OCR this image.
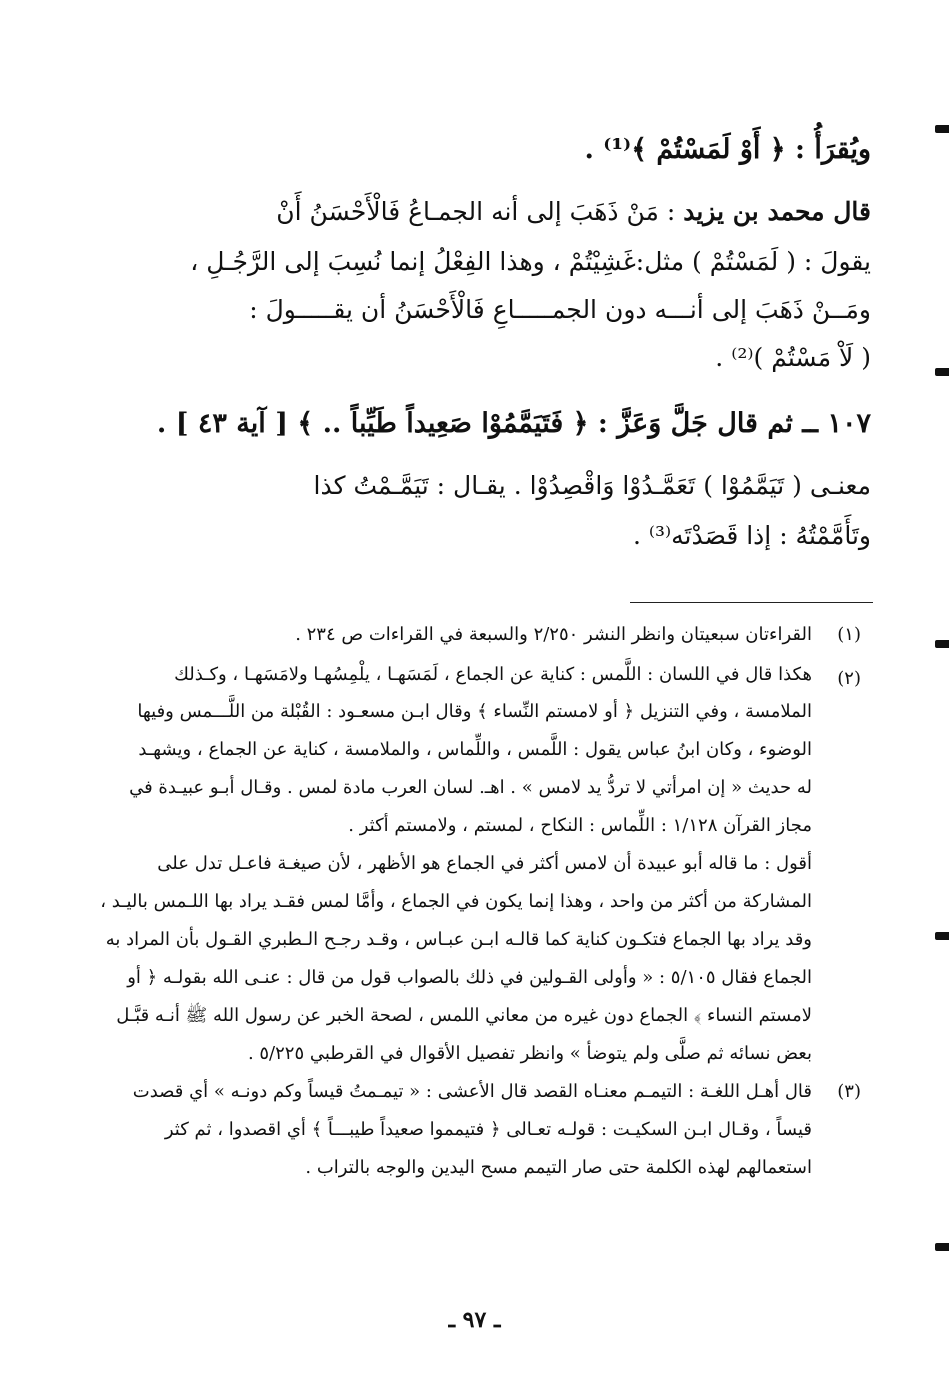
ويُقرَأُ : ﴿ أَوْ لَمَسْتُمْ ﴾⁽¹⁾ .
قال محمد بن يزيد : مَنْ ذَهَبَ إلى أنه الجمـاعُ فَالْأَحْسَنُ أَنْ
يقولَ : ( لَمَسْتُمْ ) مثل:غَشِيْتُمْ ، وهذا الفِعْلُ إنما نُسِبَ إلى الرَّجُـلِ ،
ومَــنْ ذَهَبَ إلى أنـــه دون الجمـــــاعِ فَالْأَحْسَنُ أن يقـــــولَ :
( لَاْ مَسْتُمْ )⁽²⁾ .
١٠٧ ــ ثم قال جَلَّ وَعَزَّ : ﴿ فَتَيَمَّمُوْا صَعِيداً طَيِّباً .. ﴾ [ آية ٤٣ ] .
معنـى ( تَيَمَّمُوْا ) تَعَمَّـدُوْا وَاقْصِدُوْا . يقـال : تَيَمَّـمْتُ كذا
وتَأَمَّمْتُهُ : إذا قَصَدْتَه⁽³⁾ .
(١)
القراءتان سبعيتان وانظر النشر ٢/٢٥٠ والسبعة في القراءات ص ٢٣٤ .
(٢)
هكذا قال في اللسان : اللَّمس : كناية عن الجماع ، لَمَسَهـا ، يلْمِسُهـا ولامَسَهـا ، وكـذلك
الملامسة ، وفي التنزيل ﴿ أو لامستم النِّساء ﴾ وقال ابـن مسعـود : القُبْلة من اللَّـــمس وفيها
الوضوء ، وكان ابنُ عباس يقول : اللَّمس ، واللِّماس ، والملامسة ، كناية عن الجماع ، ويشهـد
له حديث « إن امرأتي لا تردُّ يد لامس » . اهـ. لسان العرب مادة لمس . وقـال أبـو عبيـدة في
مجاز القرآن ١/١٢٨ : اللِّماس : النكاح ، لمستم ، ولامستم أكثر .
أقول : ما قاله أبو عبيدة أن لامس أكثر في الجماع هو الأظهر ، لأن صيغـة فاعـل تدل على
المشاركة من أكثر من واحد ، وهذا إنما يكون في الجماع ، وأمَّا لمس فقـد يراد بها اللـمس باليـد ،
وقد يراد بها الجماع فتكـون كناية كما قالـه ابـن عبـاس ، وقـد رجـح الـطبري القـول بأن المراد به
الجماع فقال ٥/١٠٥ : « وأولى القـولين في ذلك بالصواب قول من قال : عنـى الله بقولـه ﴿ أو
لامستم النساء ﴾ الجماع دون غيره من معاني اللمس ، لصحة الخبر عن رسول الله ﷺ أنـه قبَّـل
بعض نسائه ثم صلَّى ولم يتوضأ » وانظر تفصيل الأقوال في القرطبي ٥/٢٢٥ .
(٣)
قال أهـل اللغـة : التيمـم معنـاه القصد قال الأعشى : « تيمـمتُ قيساً وكم دونـه » أي قصدت
قيساً ، وقـال ابـن السكيـت : قولـه تعـالى ﴿ فتيمموا صعيداً طيبـــاً ﴾ أي اقصدوا ، ثم كثر
استعمالهم لهذه الكلمة حتى صار التيمم مسح اليدين والوجه بالتراب .
ـ ٩٧ ـ
